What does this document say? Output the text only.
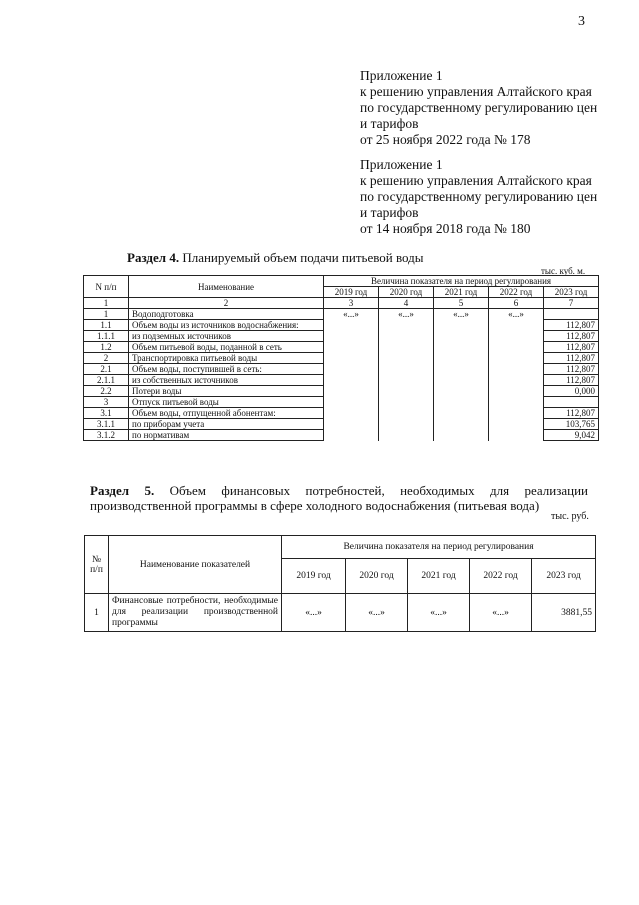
3
Приложение 1
к решению управления Алтайского края
по государственному регулированию цен
и тарифов
от 25 ноября 2022 года № 178
Приложение 1
к решению управления Алтайского края
по государственному регулированию цен
и тарифов
от 14 ноября 2018 года № 180
Раздел 4. Планируемый объем подачи питьевой воды
тыс. куб. м.
N п/п	Наименование	Величина показателя на период регулирования				
		2019 год	2020 год	2021 год	2022 год	2023 год
1	2	3	4	5	6	7
1	Водоподготовка	«...»	«...»	«...»	«...»	
1.1	Объем воды из источников водоснабжения:					112,807
1.1.1	из подземных источников					112,807
1.2	Объем питьевой воды, поданной в сеть					112,807
2	Транспортировка питьевой воды					112,807
2.1	Объем воды, поступившей в сеть:					112,807
2.1.1	из собственных источников					112,807
2.2	Потери воды					0,000
3	Отпуск питьевой воды					
3.1	Объем воды, отпущенной абонентам:					112,807
3.1.1	по приборам учета					103,765
3.1.2	по нормативам					9,042
Раздел 5. Объем финансовых потребностей, необходимых для реализации производственной программы в сфере холодного водоснабжения (питьевая вода)
тыс. руб.
№ п/п	Наименование показателей	Величина показателя на период регулирования				
		2019 год	2020 год	2021 год	2022 год	2023 год
1	Финансовые потребности, необходимые для реализации производственной программы	«...»	«...»	«...»	«...»	3881,55
